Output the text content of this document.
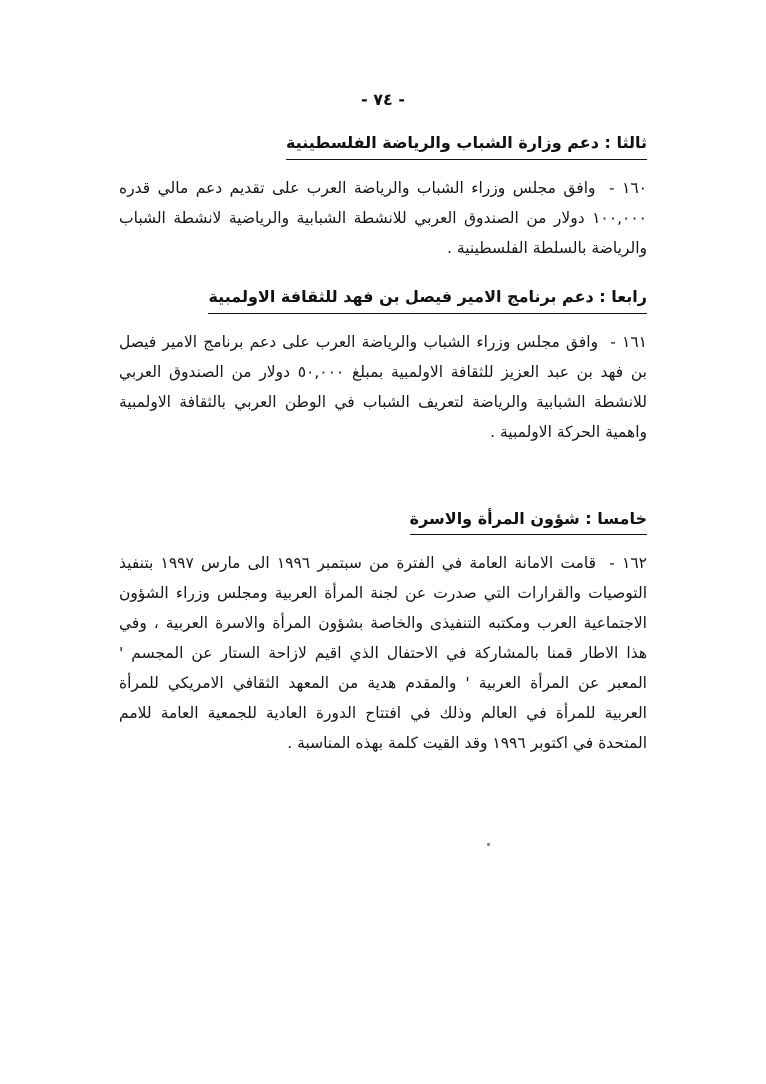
- ٧٤ -
ثالثا : دعم وزارة الشباب والرياضة الفلسطينية

١٦٠ - وافق مجلس وزراء الشباب والرياضة العرب على تقديم دعم مالي قدره ١٠٠,٠٠٠ دولار من الصندوق العربي للانشطة الشبابية والرياضية لانشطة الشباب والرياضة بالسلطة الفلسطينية .

رابعا : دعم برنامج الامير فيصل بن فهد للثقافة الاولمبية

١٦١ - وافق مجلس وزراء الشباب والرياضة العرب على دعم برنامج الامير فيصل بن فهد بن عبد العزيز للثقافة الاولمبية بمبلغ ٥٠,٠٠٠ دولار من الصندوق العربي للانشطة الشبابية والرياضة لتعريف الشباب في الوطن العربي بالثقافة الاولمبية واهمية الحركة الاولمبية .

خامسا : شؤون المرأة والاسرة

١٦٢ - قامت الامانة العامة في الفترة من سبتمبر ١٩٩٦ الى مارس ١٩٩٧ بتنفيذ التوصيات والقرارات التي صدرت عن لجنة المرأة العربية ومجلس وزراء الشؤون الاجتماعية العرب ومكتبه التنفيذى والخاصة بشؤون المرأة والاسرة العربية ، وفي هذا الاطار قمنا بالمشاركة في الاحتفال الذي اقيم لازاحة الستار عن المجسم ' المعبر عن المرأة العربية ' والمقدم هدية من المعهد الثقافي الامريكي للمرأة العربية للمرأة في العالم وذلك في افتتاح الدورة العادية للجمعية العامة للامم المتحدة في اكتوبر ١٩٩٦ وقد القيت كلمة بهذه المناسبة .
